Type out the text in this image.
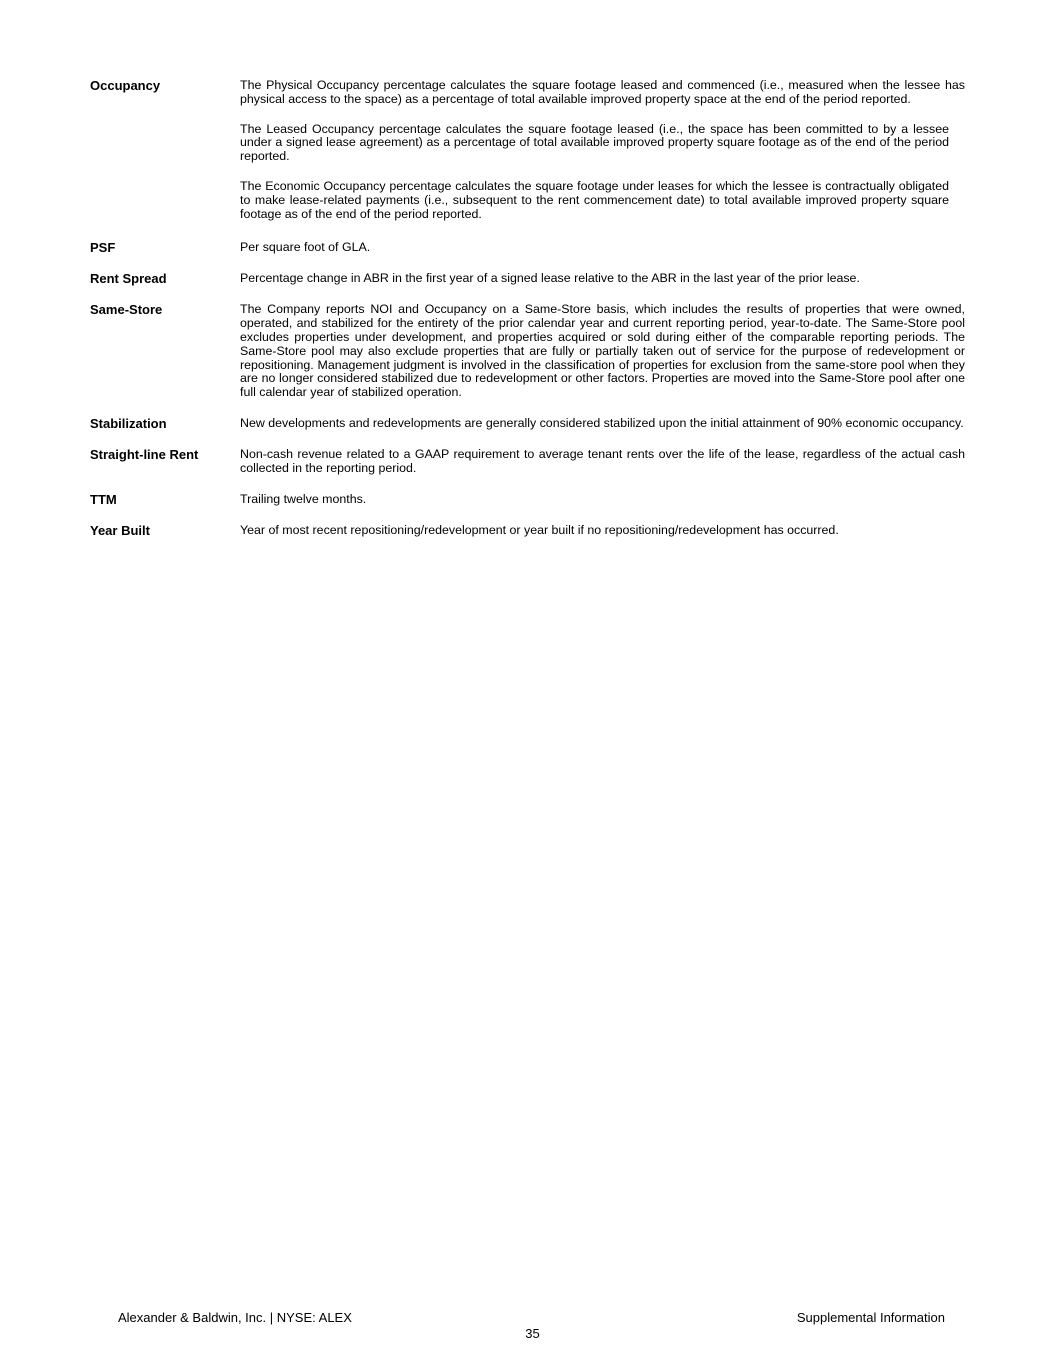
Occupancy	The Physical Occupancy percentage calculates the square footage leased and commenced (i.e., measured when the lessee has physical access to the space) as a percentage of total available improved property space at the end of the period reported.

The Leased Occupancy percentage calculates the square footage leased (i.e., the space has been committed to by a lessee under a signed lease agreement) as a percentage of total available improved property square footage as of the end of the period reported.

The Economic Occupancy percentage calculates the square footage under leases for which the lessee is contractually obligated to make lease-related payments (i.e., subsequent to the rent commencement date) to total available improved property square footage as of the end of the period reported.

PSF	Per square foot of GLA.

Rent Spread	Percentage change in ABR in the first year of a signed lease relative to the ABR in the last year of the prior lease.

Same-Store	The Company reports NOI and Occupancy on a Same-Store basis, which includes the results of properties that were owned, operated, and stabilized for the entirety of the prior calendar year and current reporting period, year-to-date. The Same-Store pool excludes properties under development, and properties acquired or sold during either of the comparable reporting periods. The Same-Store pool may also exclude properties that are fully or partially taken out of service for the purpose of redevelopment or repositioning. Management judgment is involved in the classification of properties for exclusion from the same-store pool when they are no longer considered stabilized due to redevelopment or other factors. Properties are moved into the Same-Store pool after one full calendar year of stabilized operation.

Stabilization	New developments and redevelopments are generally considered stabilized upon the initial attainment of 90% economic occupancy.

Straight-line Rent	Non-cash revenue related to a GAAP requirement to average tenant rents over the life of the lease, regardless of the actual cash collected in the reporting period.

TTM	Trailing twelve months.

Year Built	Year of most recent repositioning/redevelopment or year built if no repositioning/redevelopment has occurred.

Alexander & Baldwin, Inc. | NYSE: ALEX	Supplemental Information
35
